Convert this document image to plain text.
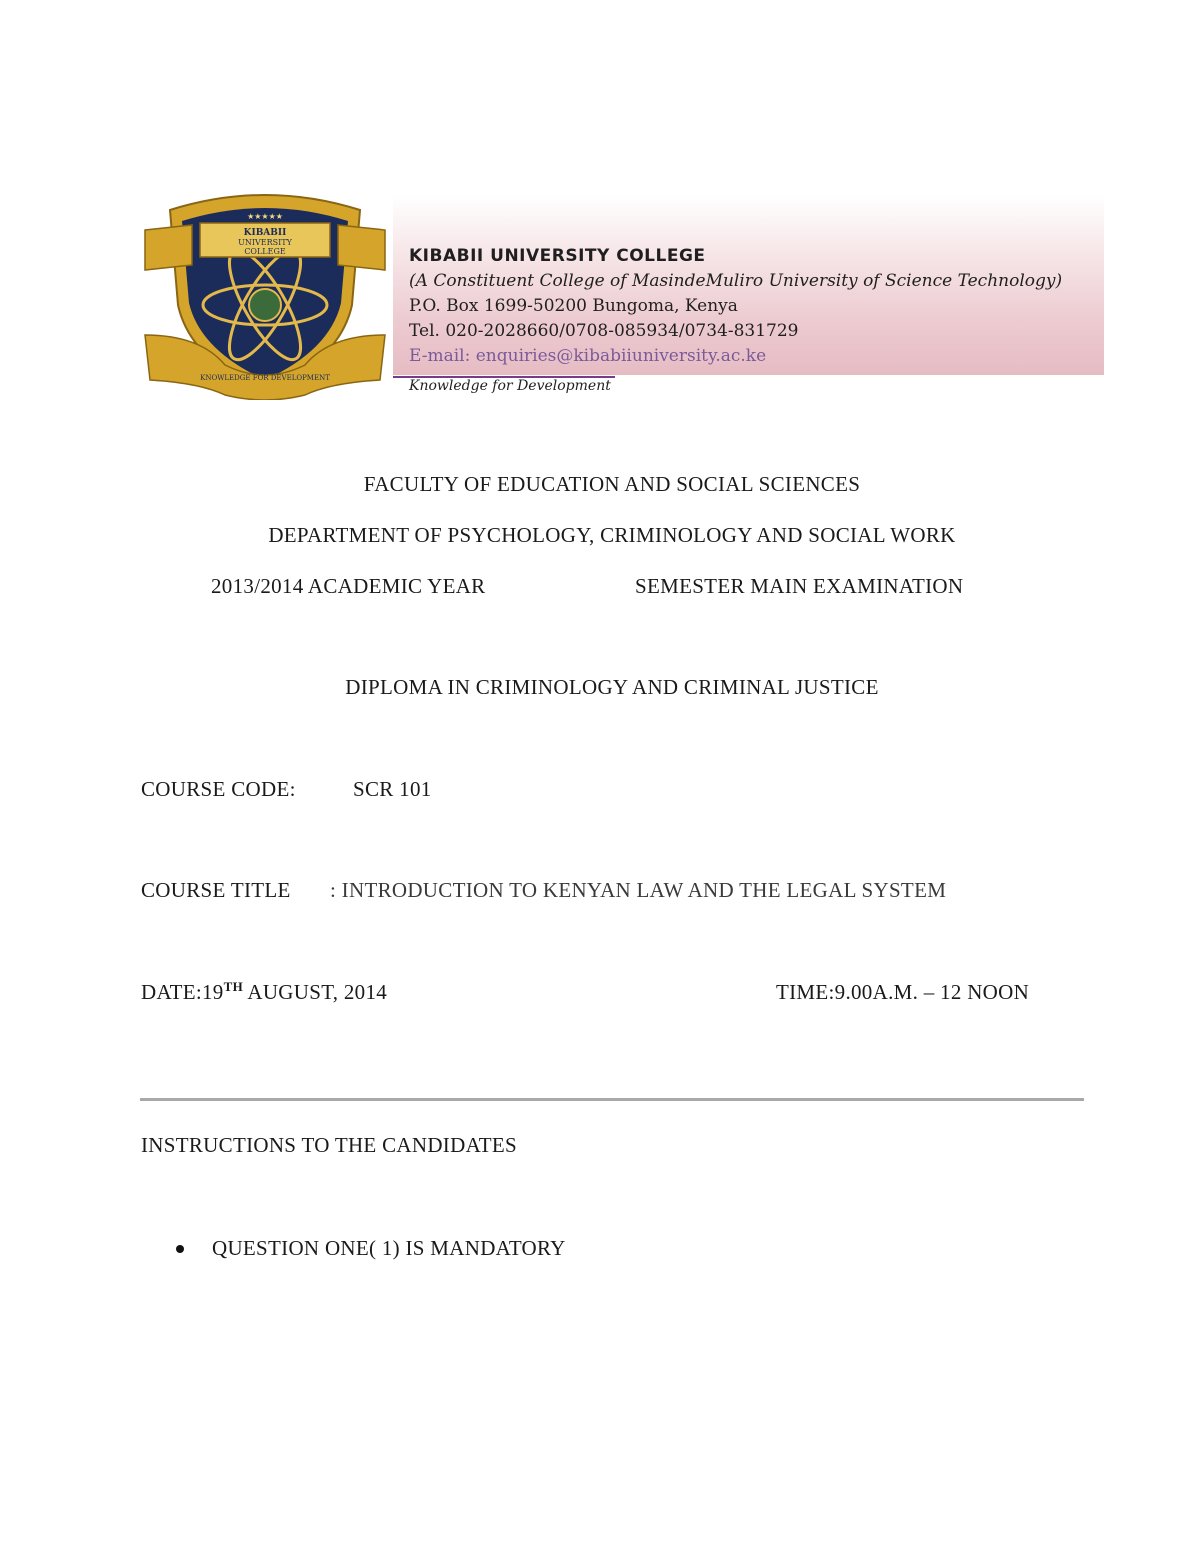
KIBABII
UNIVERSITY
COLLEGE
KNOWLEDGE FOR DEVELOPMENT
★★★★★
KIBABII UNIVERSITY COLLEGE
(A Constituent College of MasindeMuliro University of Science Technology)
P.O. Box 1699-50200 Bungoma, Kenya
Tel. 020-2028660/0708-085934/0734-831729
E-mail: enquiries@kibabiiuniversity.ac.ke
Knowledge for Development
FACULTY OF EDUCATION AND SOCIAL SCIENCES
DEPARTMENT OF PSYCHOLOGY, CRIMINOLOGY AND SOCIAL WORK
2013/2014 ACADEMIC YEAR	SEMESTER MAIN EXAMINATION
DIPLOMA IN CRIMINOLOGY AND CRIMINAL JUSTICE
COURSE CODE:	SCR 101
COURSE TITLE : INTRODUCTION TO KENYAN LAW AND THE LEGAL SYSTEM
DATE:19TH AUGUST, 2014	TIME:9.00A.M. – 12 NOON
INSTRUCTIONS TO THE CANDIDATES
QUESTION ONE( 1) IS MANDATORY
